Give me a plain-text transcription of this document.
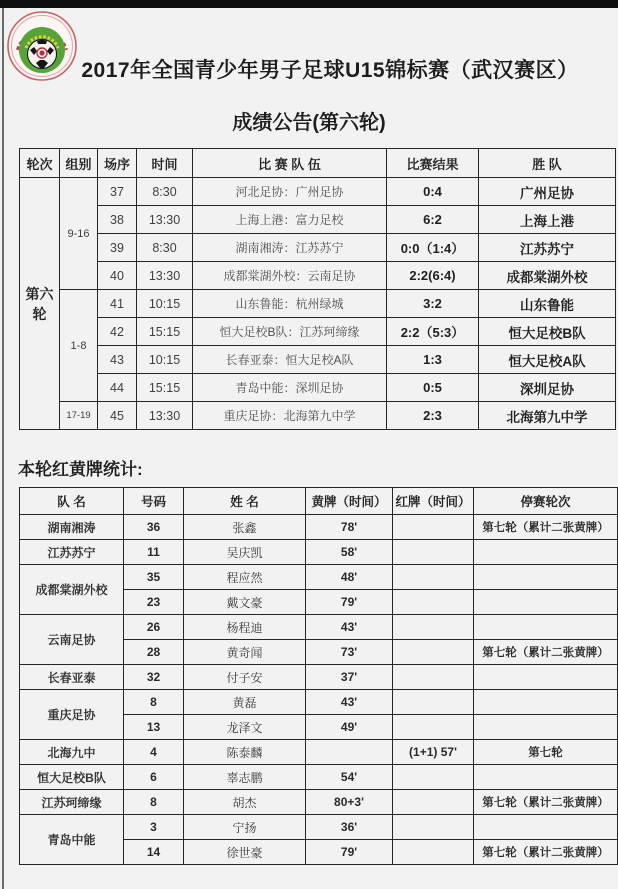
2017年全国青少年男子足球U15锦标赛（武汉赛区）
成绩公告(第六轮)
轮次	组别	场序	时间	比 赛 队 伍	比赛结果	胜 队
第六轮	9-16	37	8:30	河北足协：广州足协	0:4	广州足协
		38	13:30	上海上港：富力足校	6:2	上海上港
		39	8:30	湖南湘涛：江苏苏宁	0:0（1:4）	江苏苏宁
		40	13:30	成都棠湖外校：云南足协	2:2(6:4)	成都棠湖外校
	1-8	41	10:15	山东鲁能：杭州绿城	3:2	山东鲁能
		42	15:15	恒大足校B队：江苏珂缔缘	2:2（5:3）	恒大足校B队
		43	10:15	长春亚泰：恒大足校A队	1:3	恒大足校A队
		44	15:15	青岛中能：深圳足协	0:5	深圳足协
	17-19	45	13:30	重庆足协：北海第九中学	2:3	北海第九中学
本轮红黄牌统计:
队 名	号码	姓 名	黄牌（时间）	红牌（时间）	停赛轮次
湖南湘涛	36	张鑫	78'		第七轮（累计二张黄牌）
江苏苏宁	11	吴庆凯	58'		
成都棠湖外校	35	程应然	48'		
	23	戴文豪	79'		
云南足协	26	杨程迪	43'		
	28	黄奇闻	73'		第七轮（累计二张黄牌）
长春亚泰	32	付子安	37'		
重庆足协	8	黄磊	43'		
	13	龙泽文	49'		
北海九中	4	陈泰麟		(1+1) 57'	第七轮
恒大足校B队	6	辜志鹏	54'		
江苏珂缔缘	8	胡杰	80+3'		第七轮（累计二张黄牌）
青岛中能	3	宁扬	36'		
	14	徐世豪	79'		第七轮（累计二张黄牌）
